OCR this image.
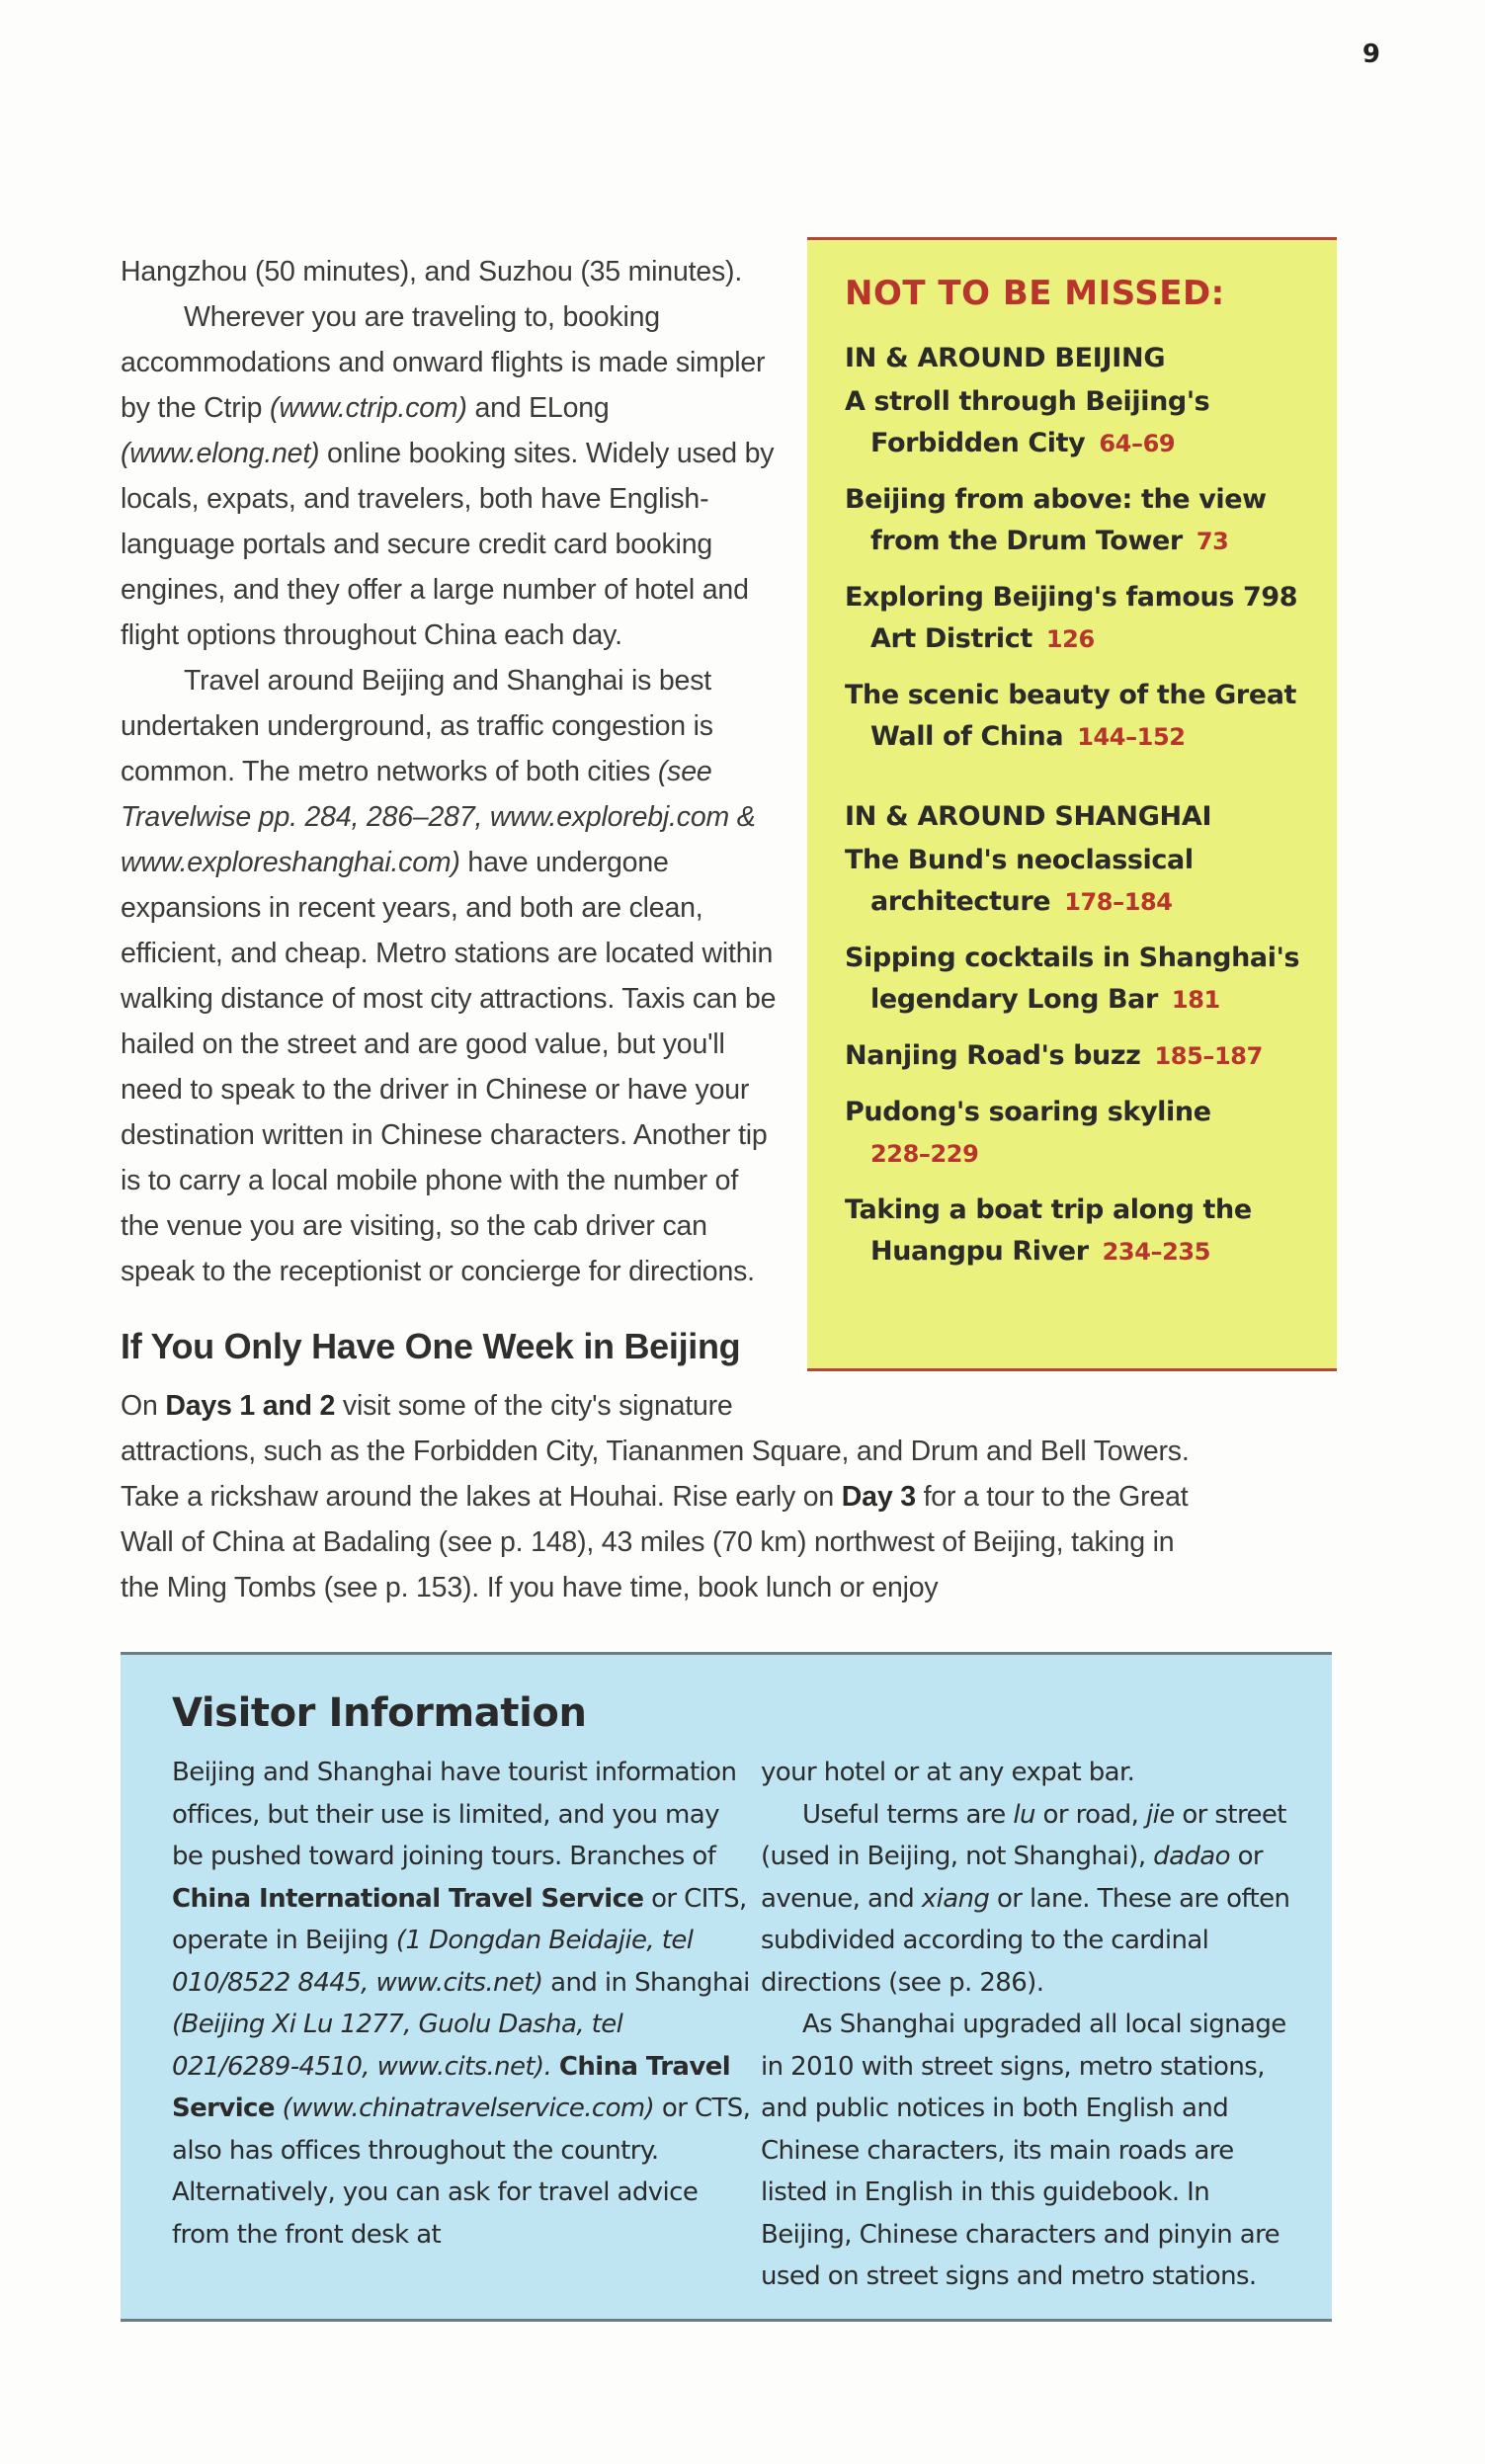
9

Hangzhou (50 minutes), and Suzhou (35 minutes).

Wherever you are traveling to, booking accommodations and onward flights is made simpler by the Ctrip (www.ctrip.com) and ELong (www.elong.net) online booking sites. Widely used by locals, expats, and travelers, both have English-language portals and secure credit card booking engines, and they offer a large number of hotel and flight options throughout China each day.

Travel around Beijing and Shanghai is best undertaken underground, as traffic congestion is common. The metro networks of both cities (see Travelwise pp. 284, 286–287, www.explorebj.com & www.exploreshanghai.com) have undergone expansions in recent years, and both are clean, efficient, and cheap. Metro stations are located within walking distance of most city attractions. Taxis can be hailed on the street and are good value, but you'll need to speak to the driver in Chinese or have your destination written in Chinese characters. Another tip is to carry a local mobile phone with the number of the venue you are visiting, so the cab driver can speak to the receptionist or concierge for directions.

If You Only Have One Week in Beijing

On Days 1 and 2 visit some of the city's signature
attractions, such as the Forbidden City, Tiananmen Square, and Drum and Bell Towers. Take a rickshaw around the lakes at Houhai. Rise early on Day 3 for a tour to the Great Wall of China at Badaling (see p. 148), 43 miles (70 km) northwest of Beijing, taking in the Ming Tombs (see p. 153). If you have time, book lunch or enjoy

NOT TO BE MISSED:
IN & AROUND BEIJING
A stroll through Beijing's Forbidden City 64–69
Beijing from above: the view from the Drum Tower 73
Exploring Beijing's famous 798 Art District 126
The scenic beauty of the Great Wall of China 144–152
IN & AROUND SHANGHAI
The Bund's neoclassical architecture 178–184
Sipping cocktails in Shanghai's legendary Long Bar 181
Nanjing Road's buzz 185–187
Pudong's soaring skyline
228–229
Taking a boat trip along the Huangpu River 234–235
Visitor Information

Beijing and Shanghai have tourist information offices, but their use is limited, and you may be pushed toward joining tours. Branches of China International Travel Service or CITS, operate in Beijing (1 Dongdan Beidajie, tel 010/8522 8445, www.cits.net) and in Shanghai (Beijing Xi Lu 1277, Guolu Dasha, tel 021/6289-4510, www.cits.net). China Travel Service (www.chinatravelservice.com) or CTS, also has offices throughout the country. Alternatively, you can ask for travel advice from the front desk at

your hotel or at any expat bar.

Useful terms are lu or road, jie or street (used in Beijing, not Shanghai), dadao or avenue, and xiang or lane. These are often subdivided according to the cardinal directions (see p. 286).

As Shanghai upgraded all local signage in 2010 with street signs, metro stations, and public notices in both English and Chinese characters, its main roads are listed in English in this guidebook. In Beijing, Chinese characters and pinyin are used on street signs and metro stations.
